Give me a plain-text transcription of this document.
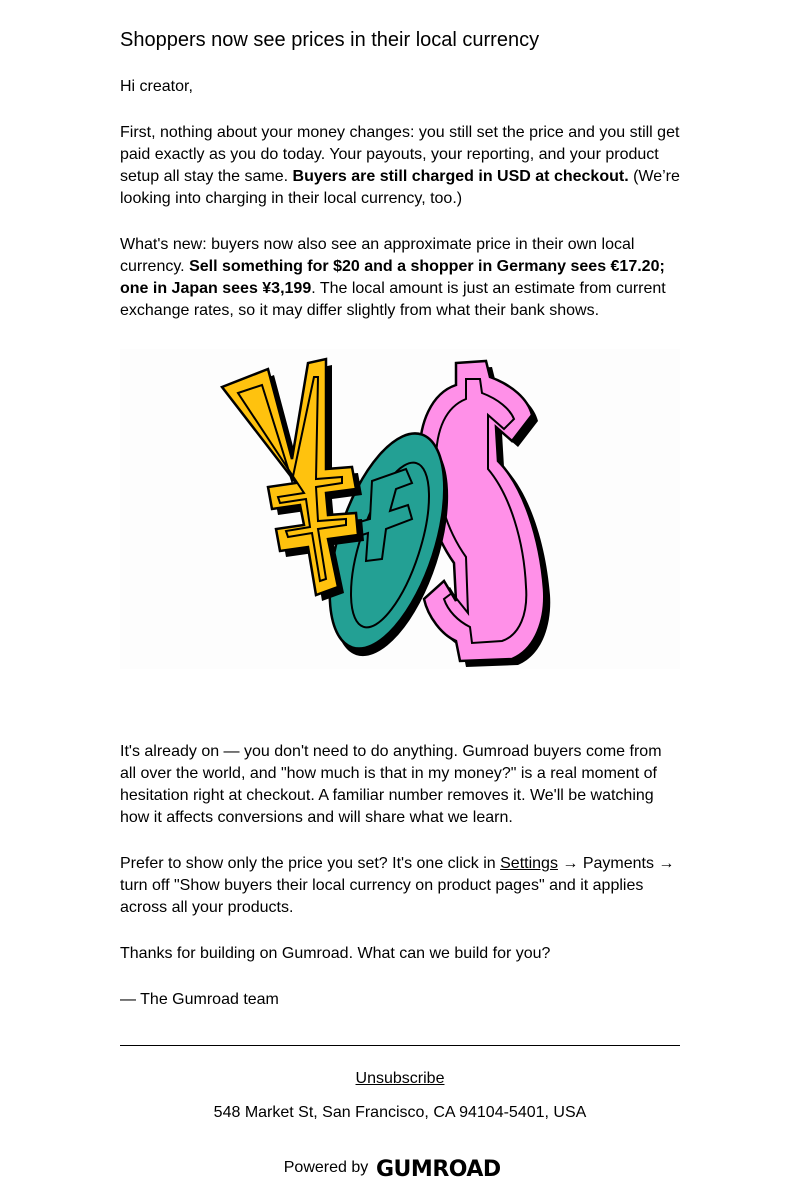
Shoppers now see prices in their local currency

Hi creator,

First, nothing about your money changes: you still set the price and you still get paid exactly as you do today. Your payouts, your reporting, and your product setup all stay the same. Buyers are still charged in USD at checkout. (We’re looking into charging in their local currency, too.)

What's new: buyers now also see an approximate price in their own local currency. Sell something for $20 and a shopper in Germany sees €17.20; one in Japan sees ¥3,199. The local amount is just an estimate from current exchange rates, so it may differ slightly from what their bank shows.

It's already on — you don't need to do anything. Gumroad buyers come from all over the world, and "how much is that in my money?" is a real moment of hesitation right at checkout. A familiar number removes it. We'll be watching how it affects conversions and will share what we learn.

Prefer to show only the price you set? It's one click in Settings → Payments → turn off "Show buyers their local currency on product pages" and it applies across all your products.

Thanks for building on Gumroad. What can we build for you?

— The Gumroad team

Unsubscribe
548 Market St, San Francisco, CA 94104-5401, USA
Powered by GUMROAD
